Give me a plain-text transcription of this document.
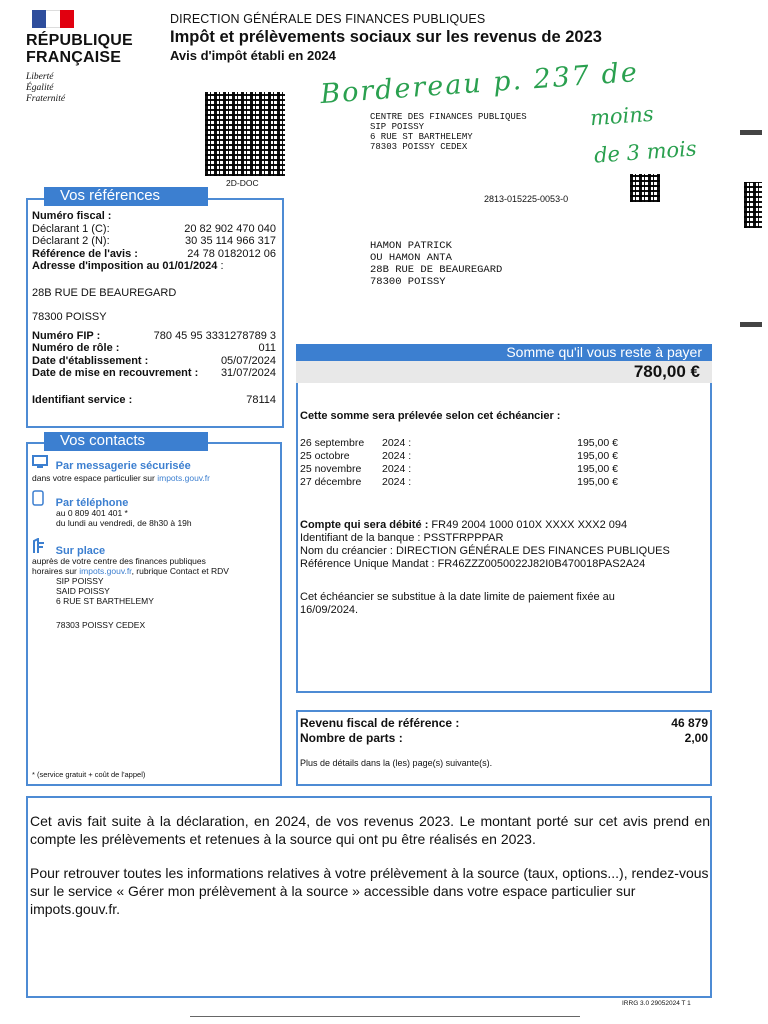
RÉPUBLIQUE
FRANÇAISE
Liberté
Égalité
Fraternité
DIRECTION GÉNÉRALE DES FINANCES PUBLIQUES
Impôt et prélèvements sociaux sur les revenus de 2023
Avis d'impôt établi en 2024
Bordereau p. 237 de
moins
de 3 mois
2D-DOC
CENTRE DES FINANCES PUBLIQUES
SIP POISSY
6 RUE ST BARTHELEMY
78303 POISSY CEDEX
2813-015225-0053-0
HAMON PATRICK
OU HAMON ANTA
28B RUE DE BEAUREGARD
78300 POISSY
Vos références
Numéro fiscal :
Déclarant 1 (C):	20 82 902 470 040
Déclarant 2 (N):	30 35 114 966 317
Référence de l'avis :	24 78 0182012 06
Adresse d'imposition au 01/01/2024 :
28B RUE DE BEAUREGARD
78300 POISSY
Numéro FIP :	780 45 95 3331278789 3
Numéro de rôle :	011
Date d'établissement :	05/07/2024
Date de mise en recouvrement : 31/07/2024
Identifiant service :	78114
Vos contacts
Par messagerie sécurisée
dans votre espace particulier sur impots.gouv.fr
Par téléphone
au 0 809 401 401 *
du lundi au vendredi, de 8h30 à 19h
Sur place
auprès de votre centre des finances publiques
horaires sur impots.gouv.fr, rubrique Contact et RDV
SIP POISSY
SAID POISSY
6 RUE ST BARTHELEMY
78303 POISSY CEDEX
* (service gratuit + coût de l'appel)
Somme qu'il vous reste à payer
780,00 €
Cette somme sera prélevée selon cet échéancier :
26 septembre	2024 :	195,00 €
25 octobre	2024 :	195,00 €
25 novembre	2024 :	195,00 €
27 décembre	2024 :	195,00 €
Compte qui sera débité : FR49 2004 1000 010X XXXX XXX2 094
Identifiant de la banque : PSSTFRPPPAR
Nom du créancier : DIRECTION GÉNÉRALE DES FINANCES PUBLIQUES
Référence Unique Mandat : FR46ZZZ0050022J82I0B470018PAS2A24
Cet échéancier se substitue à la date limite de paiement fixée au
16/09/2024.
Revenu fiscal de référence :	46 879
Nombre de parts :	2,00
Plus de détails dans la (les) page(s) suivante(s).

Cet avis fait suite à la déclaration, en 2024, de vos revenus 2023. Le montant porté sur cet avis prend en compte les prélèvements et retenues à la source qui ont pu être réalisés en 2023.

Pour retrouver toutes les informations relatives à votre prélèvement à la source (taux, options...), rendez-vous sur le service « Gérer mon prélèvement à la source » accessible dans votre espace particulier sur impots.gouv.fr.

IRRG 3.0 29052024 T 1
